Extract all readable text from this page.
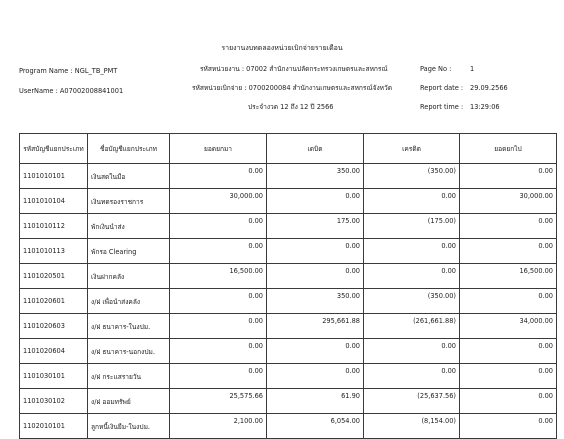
รายงานงบทดลองหน่วยเบิกจ่ายรายเดือน
Program Name : NGL_TB_PMT
UserName : A07002008841001
รหัสหน่วยงาน : 07002 สำนักงานปลัดกระทรวงเกษตรและสหกรณ์
รหัสหน่วยเบิกจ่าย : 0700200084 สำนักงานเกษตรและสหกรณ์จังหวัด
ประจำงวด 12 ถึง 12 ปี 2566
Page No :	1
Report date : 29.09.2566
Report time : 13:29:06
รหัสบัญชีแยกประเภท	ชื่อบัญชีแยกประเภท	ยอดยกมา	เดบิต	เครดิต	ยอดยกไป
1101010101	เงินสดในมือ	0.00	350.00	(350.00)	0.00
1101010104	เงินทดรองราชการ	30,000.00	0.00	0.00	30,000.00
1101010112	พักเงินนำส่ง	0.00	175.00	(175.00)	0.00
1101010113	พักรอ Clearing	0.00	0.00	0.00	0.00
1101020501	เงินฝากคลัง	16,500.00	0.00	0.00	16,500.00
1101020601	ง/ฝ เพื่อนำส่งคลัง	0.00	350.00	(350.00)	0.00
1101020603	ง/ฝ ธนาคาร-ในงปม.	0.00	295,661.88	(261,661.88)	34,000.00
1101020604	ง/ฝ ธนาคาร-นอกงปม.	0.00	0.00	0.00	0.00
1101030101	ง/ฝ กระแสรายวัน	0.00	0.00	0.00	0.00
1101030102	ง/ฝ ออมทรัพย์	25,575.66	61.90	(25,637.56)	0.00
1102010101	ลูกหนี้เงินยืม-ในงปม.	2,100.00	6,054.00	(8,154.00)	0.00
